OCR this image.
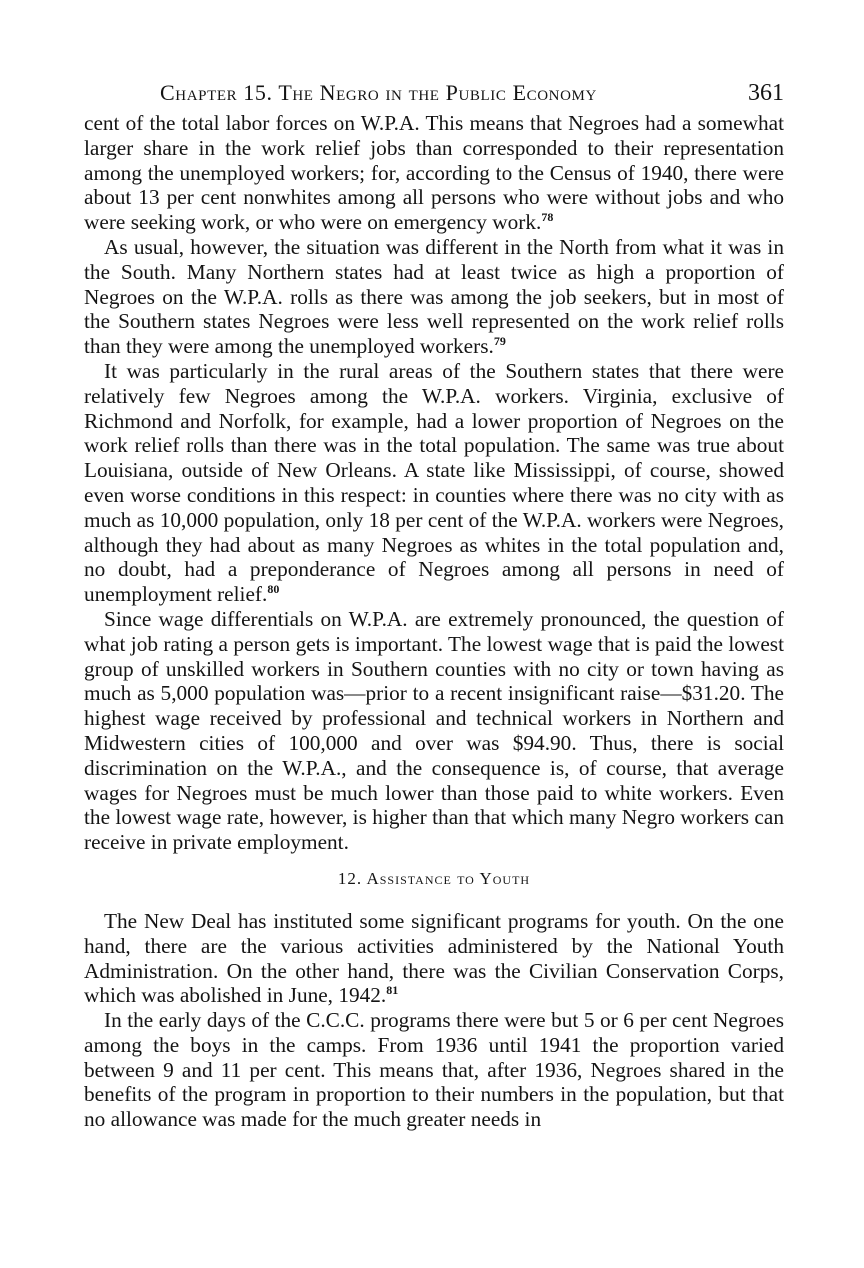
Chapter 15. The Negro in the Public Economy	361

cent of the total labor forces on W.P.A. This means that Negroes had a somewhat larger share in the work relief jobs than corresponded to their representation among the unemployed workers; for, according to the Census of 1940, there were about 13 per cent nonwhites among all persons who were without jobs and who were seeking work, or who were on emergency work.$^{78}$

As usual, however, the situation was different in the North from what it was in the South. Many Northern states had at least twice as high a proportion of Negroes on the W.P.A. rolls as there was among the job seekers, but in most of the Southern states Negroes were less well represented on the work relief rolls than they were among the unemployed workers.$^{79}$

It was particularly in the rural areas of the Southern states that there were relatively few Negroes among the W.P.A. workers. Virginia, exclusive of Richmond and Norfolk, for example, had a lower proportion of Negroes on the work relief rolls than there was in the total population. The same was true about Louisiana, outside of New Orleans. A state like Mississippi, of course, showed even worse conditions in this respect: in counties where there was no city with as much as 10,000 population, only 18 per cent of the W.P.A. workers were Negroes, although they had about as many Negroes as whites in the total population and, no doubt, had a preponderance of Negroes among all persons in need of unemployment relief.$^{80}$

Since wage differentials on W.P.A. are extremely pronounced, the question of what job rating a person gets is important. The lowest wage that is paid the lowest group of unskilled workers in Southern counties with no city or town having as much as 5,000 population was—prior to a recent insignificant raise—$31.20. The highest wage received by professional and technical workers in Northern and Midwestern cities of 100,000 and over was $94.90. Thus, there is social discrimination on the W.P.A., and the consequence is, of course, that average wages for Negroes must be much lower than those paid to white workers. Even the lowest wage rate, however, is higher than that which many Negro workers can receive in private employment.

12. Assistance to Youth

The New Deal has instituted some significant programs for youth. On the one hand, there are the various activities administered by the National Youth Administration. On the other hand, there was the Civilian Conservation Corps, which was abolished in June, 1942.81

In the early days of the C.C.C. programs there were but 5 or 6 per cent Negroes among the boys in the camps. From 1936 until 1941 the proportion varied between 9 and 11 per cent. This means that, after 1936, Negroes shared in the benefits of the program in proportion to their numbers in the population, but that no allowance was made for the much greater needs in
